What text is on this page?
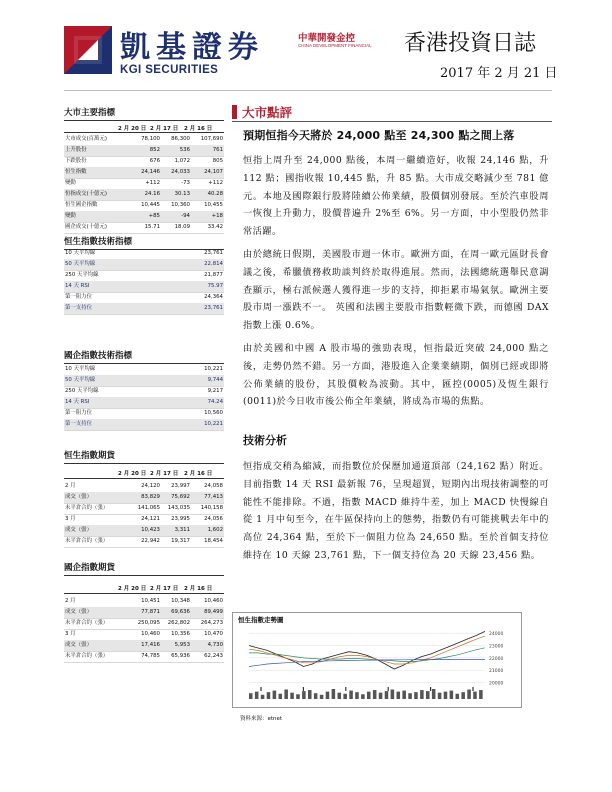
凱基證券
KGI SECURITIES
中華開發金控
CHINA DEVELOPMENT FINANCIAL 香港投資日誌
2017 年 2 月 21 日
大市主要指標
2 月 20 日 2 月 17 日 2 月 16 日
大市成交(百萬元)	78,100	86,300	107,690
上升股份	852	536	761
下跌股份	676	1,072	805
恒生指數	24,146	24,033	24,107
變動	+112	-73	+112
恒指成交(十億元)	24.16	30.13	40.28
恒生國企指數	10,445	10,360	10,455
變動	+85	-94	+18
國企成交(十億元)	15.71	18.09	33.42
恒生指數技術指標
10 天平均線	23,761
50 天平均線	22,814
250 天平均線	21,877
14 天 RSI	75.97
第一阻力位	24,364
第一支持位	23,761
國企指數技術指標
10 天平均線	10,221
50 天平均線	9,744
250 天平均線	9,217
14 天 RSI	74.24
第一阻力位	10,560
第一支持位	10,221
恒生指數期貨
2 月 20 日 2 月 17 日 2 月 16 日
2 月	24,120	23,997	24,058
成交（張）	83,829	75,692	77,413
未平倉合約（張）	141,065	143,035	140,158
3 月	24,121	23,995	24,056
成交（張）	10,423	3,311	1,602
未平倉合約（張）	22,942	19,317	18,454
國企指數期貨
2 月 20 日 2 月 17 日 2 月 16 日
2 月	10,451	10,348	10,460
成交（張）	77,871	69,636	89,499
未平倉合約（張）	250,095	262,802	264,273
3 月	10,460	10,356	10,470
成交（張）	17,416	5,953	4,730
未平倉合約（張）	74,785	65,936	62,243
大市點評
預期恒指今天將於 24,000 點至 24,300 點之間上落
恒指上周升至 24,000 點後，本周一繼續造好，收報 24,146 點，升 112 點；國指收報 10,445 點，升 85 點。大市成交略減少至 781 億元。本地及國際銀行股將陸續公佈業績，股價個別發展。至於汽車股周一恢復上升動力，股價普遍升 2%至 6%。另一方面，中小型股仍然非常活躍。
由於總統日假期，美國股市週一休市。歐洲方面，在周一歐元區財長會議之後，希臘債務救助談判終於取得進展。然而，法國總統選舉民意調查顯示，極右派候選人獲得進一步的支持，抑拒累市場氣氛。歐洲主要股市周一漲跌不一。 英國和法國主要股市指數輕微下跌，而德國 DAX 指數上漲 0.6%。
由於美國和中國 A 股市場的強勁表現，恒指最近突破 24,000 點之後，走勢仍然不錯。另一方面，港股進入企業業績期，個別已經或即將公佈業績的股份，其股價較為波動。其中，匯控(0005)及恆生銀行(0011)於今日收市後公佈全年業績，將成為市場的焦點。
技術分析
恒指成交稍為縮減，而指數位於保歷加通道頂部（24,162 點）附近。目前指數 14 天 RSI 最新報 76，呈現超買，短期內出現技術調整的可能性不能排除。不過，指數 MACD 維持牛差，加上 MACD 快慢線自從 1 月中旬至今，在牛區保持向上的態勢，指數仍有可能挑戰去年中的高位 24,364 點，至於下一個阻力位為 24,650 點。至於首個支持位維持在 10 天線 23,761 點，下一個支持位為 20 天線 23,456 點。
恒生指數走勢圖
24000
23000
22000
21000
20000
資料來源：etnet
